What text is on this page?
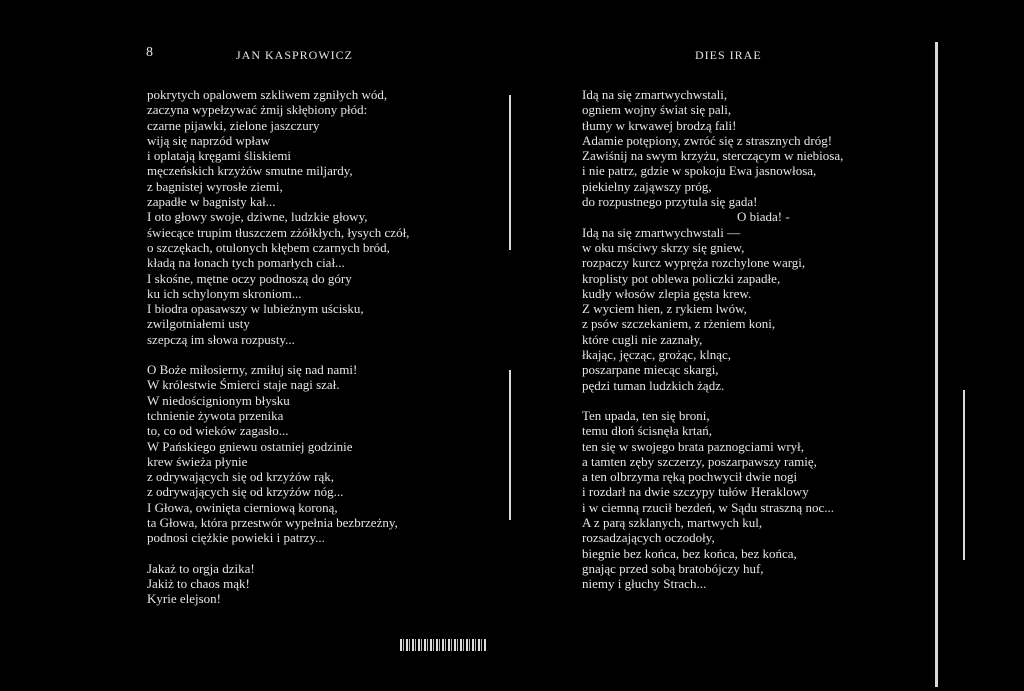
8	JAN KASPROWICZ	DIES IRAE
pokrytych opalowem szkliwem zgniłych wód,
zaczyna wypełzywać żmij skłębiony płód:
czarne pijawki, zielone jaszczury
wiją się naprzód wpław
i oplatają kręgami śliskiemi
męczeńskich krzyżów smutne miljardy,
z bagnistej wyrosłe ziemi,
zapadłe w bagnisty kał...
I oto głowy swoje, dziwne, ludzkie głowy,
świecące trupim tłuszczem zżółkłych, łysych czół,
o szczękach, otulonych kłębem czarnych bród,
kładą na łonach tych pomarłych ciał...
I skośne, mętne oczy podnoszą do góry
ku ich schylonym skroniom...
I biodra opasawszy w lubieżnym uścisku,
zwilgotniałemi usty
szepczą im słowa rozpusty...
O Boże miłosierny, zmiłuj się nad nami!
W królestwie Śmierci staje nagi szał.
W niedoścignionym błysku
tchnienie żywota przenika
to, co od wieków zagasło...
W Pańskiego gniewu ostatniej godzinie
krew świeża płynie
z odrywających się od krzyżów rąk,
z odrywających się od krzyżów nóg...
I Głowa, owinięta cierniową koroną,
ta Głowa, która przestwór wypełnia bezbrzeżny,
podnosi ciężkie powieki i patrzy...
Jakaż to orgja dzika!
Jakiż to chaos mąk!
Kyrie elejson!
Idą na się zmartwychwstali,
ogniem wojny świat się pali,
tłumy w krwawej brodzą fali!
Adamie potępiony, zwróć się z strasznych dróg!
Zawiśnij na swym krzyżu, sterczącym w niebiosa,
i nie patrz, gdzie w spokoju Ewa jasnowłosa,
piekielny zająwszy próg,
do rozpustnego przytula się gada!
O biada! -
Idą na się zmartwychwstali —
w oku mściwy skrzy się gniew,
rozpaczy kurcz wypręża rozchylone wargi,
kroplisty pot oblewa policzki zapadłe,
kudły włosów zlepia gęsta krew.
Z wyciem hien, z rykiem lwów,
z psów szczekaniem, z rżeniem koni,
które cugli nie zaznały,
łkając, jęcząc, grożąc, klnąc,
poszarpane miecąc skargi,
pędzi tuman ludzkich żądz.
Ten upada, ten się broni,
temu dłoń ścisnęła krtań,
ten się w swojego brata paznogciami wrył,
a tamten zęby szczerzy, poszarpawszy ramię,
a ten olbrzyma ręką pochwycił dwie nogi
i rozdarł na dwie szczypy tułów Heraklowy
i w ciemną rzucił bezdeń, w Sądu straszną noc...
A z parą szklanych, martwych kul,
rozsadzających oczodoły,
biegnie bez końca, bez końca, bez końca,
gnając przed sobą bratobójczy huf,
niemy i głuchy Strach...
